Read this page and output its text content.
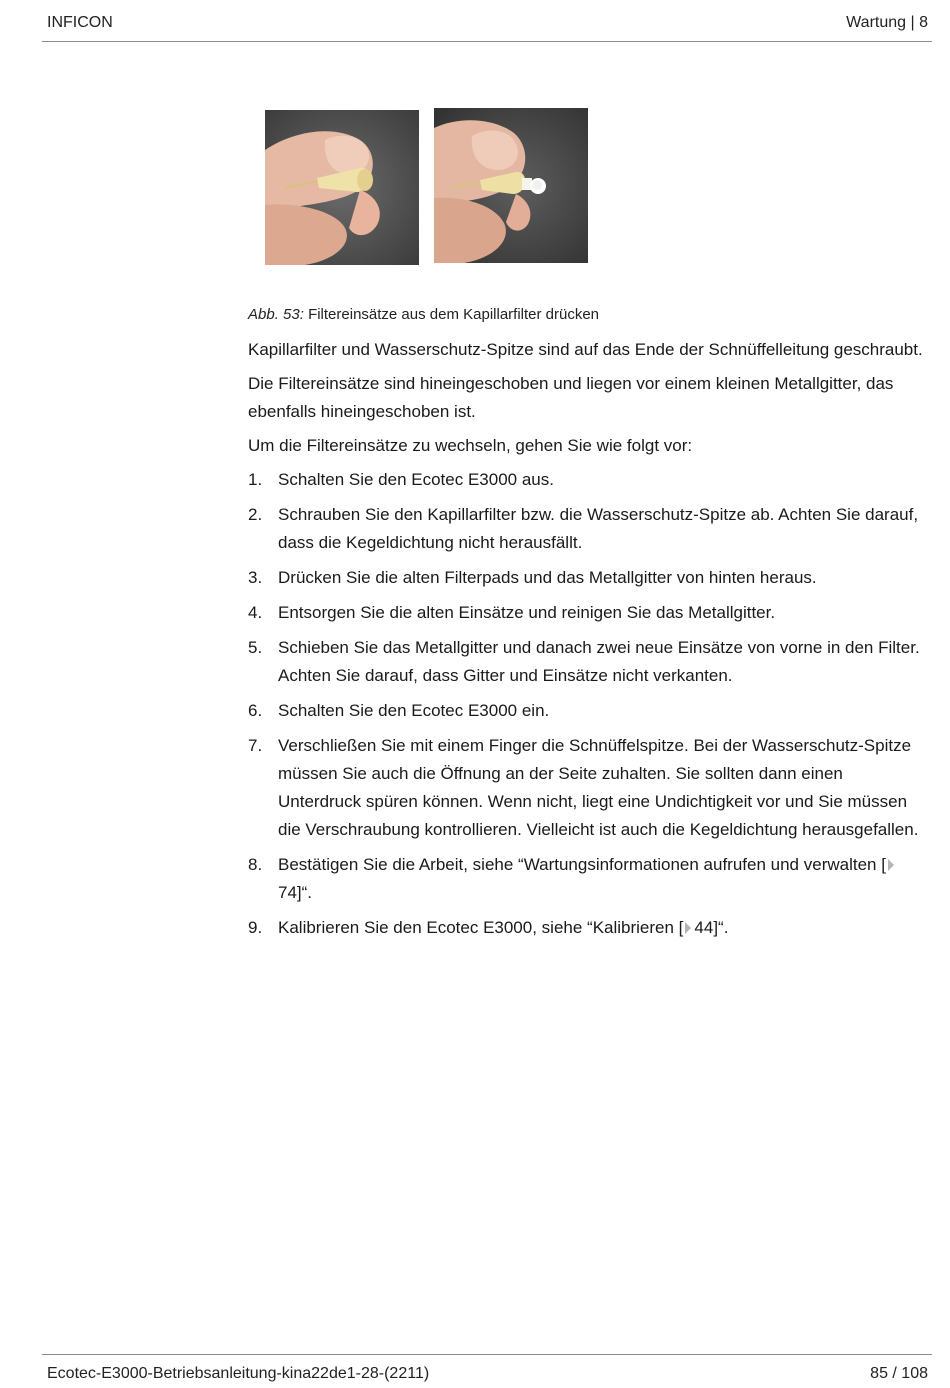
INFICON	Wartung | 8
Abb. 53: Filtereinsätze aus dem Kapillarfilter drücken

Kapillarfilter und Wasserschutz-Spitze sind auf das Ende der Schnüffelleitung geschraubt.

Die Filtereinsätze sind hineingeschoben und liegen vor einem kleinen Metallgitter, das ebenfalls hineingeschoben ist.

Um die Filtereinsätze zu wechseln, gehen Sie wie folgt vor:

1. Schalten Sie den Ecotec E3000 aus.
2. Schrauben Sie den Kapillarfilter bzw. die Wasserschutz-Spitze ab. Achten Sie darauf, dass die Kegeldichtung nicht herausfällt.
3. Drücken Sie die alten Filterpads und das Metallgitter von hinten heraus.
4. Entsorgen Sie die alten Einsätze und reinigen Sie das Metallgitter.
5. Schieben Sie das Metallgitter und danach zwei neue Einsätze von vorne in den Filter. Achten Sie darauf, dass Gitter und Einsätze nicht verkanten.
6. Schalten Sie den Ecotec E3000 ein.
7. Verschließen Sie mit einem Finger die Schnüffelspitze. Bei der Wasserschutz-Spitze müssen Sie auch die Öffnung an der Seite zuhalten. Sie sollten dann einen Unterdruck spüren können. Wenn nicht, liegt eine Undichtigkeit vor und Sie müssen die Verschraubung kontrollieren. Vielleicht ist auch die Kegeldichtung herausgefallen.
8. Bestätigen Sie die Arbeit, siehe “Wartungsinformationen aufrufen und verwalten [74]“.
9. Kalibrieren Sie den Ecotec E3000, siehe “Kalibrieren [ 44]“.
Ecotec-E3000-Betriebsanleitung-kina22de1-28-(2211)	85 / 108
